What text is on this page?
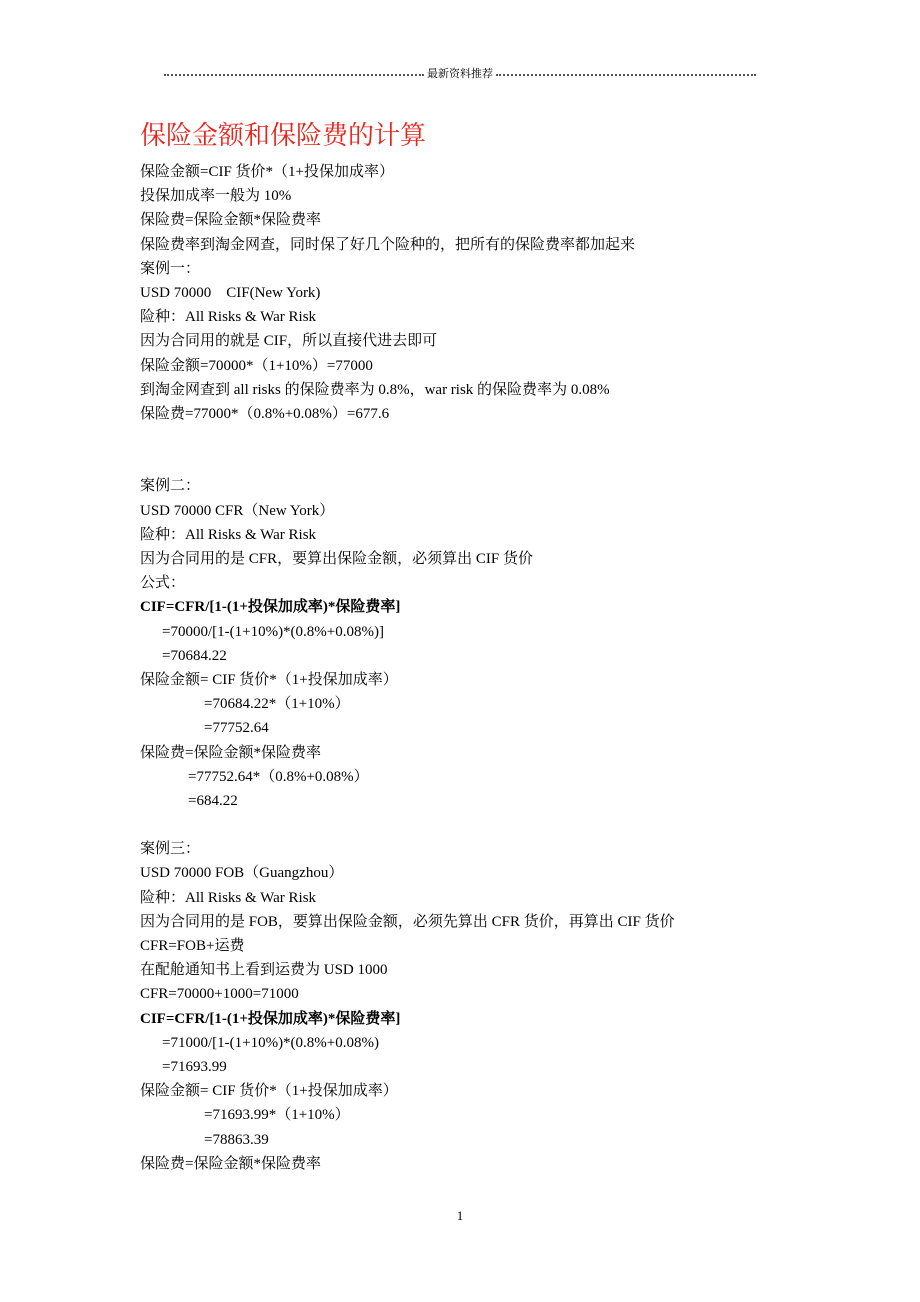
最新资料推荐
保险金额和保险费的计算
保险金额=CIF 货价*（1+投保加成率）
投保加成率一般为 10%
保险费=保险金额*保险费率
保险费率到淘金网查，同时保了好几个险种的，把所有的保险费率都加起来
案例一：
USD 70000    CIF(New York)
险种：All Risks & War Risk
因为合同用的就是 CIF，所以直接代进去即可
保险金额=70000*（1+10%）=77000
到淘金网查到 all risks 的保险费率为 0.8%，war risk 的保险费率为 0.08%
保险费=77000*（0.8%+0.08%）=677.6
案例二：
USD 70000 CFR（New York）
险种：All Risks & War Risk
因为合同用的是 CFR，要算出保险金额，必须算出 CIF 货价
公式：
CIF=CFR/[1-(1+投保加成率)*保险费率]
=70000/[1-(1+10%)*(0.8%+0.08%)]
=70684.22
保险金额= CIF 货价*（1+投保加成率）
=70684.22*（1+10%）
=77752.64
保险费=保险金额*保险费率
=77752.64*（0.8%+0.08%）
=684.22
案例三：
USD 70000 FOB（Guangzhou）
险种：All Risks & War Risk
因为合同用的是 FOB，要算出保险金额，必须先算出 CFR 货价，再算出 CIF 货价
CFR=FOB+运费
在配舱通知书上看到运费为 USD 1000
CFR=70000+1000=71000
CIF=CFR/[1-(1+投保加成率)*保险费率]
=71000/[1-(1+10%)*(0.8%+0.08%)
=71693.99
保险金额= CIF 货价*（1+投保加成率）
=71693.99*（1+10%）
=78863.39
保险费=保险金额*保险费率
1
